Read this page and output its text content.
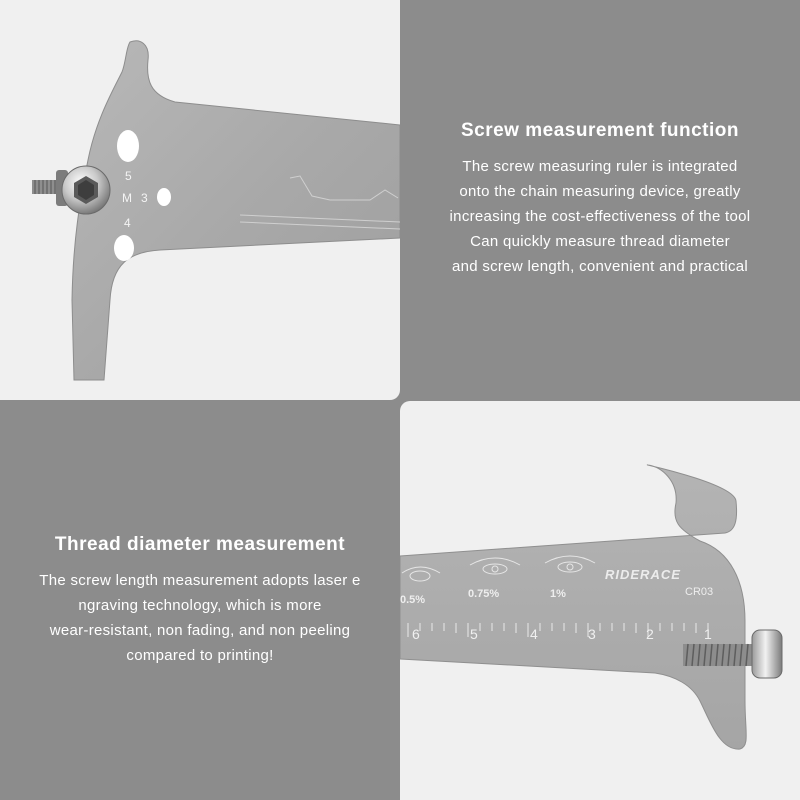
5
M 3
4
Screw measurement function

The screw measuring ruler is integrated

onto the chain measuring device, greatly

increasing the cost-effectiveness of the tool

Can quickly measure thread diameter

and screw length, convenient and practical

Thread diameter measurement

The screw length measurement adopts laser e

ngraving technology, which is more

wear-resistant, non fading, and non peeling

compared to printing!

0.5%	0.75%	1%
RIDERACE
CR03
6	5	4	3	2	1
